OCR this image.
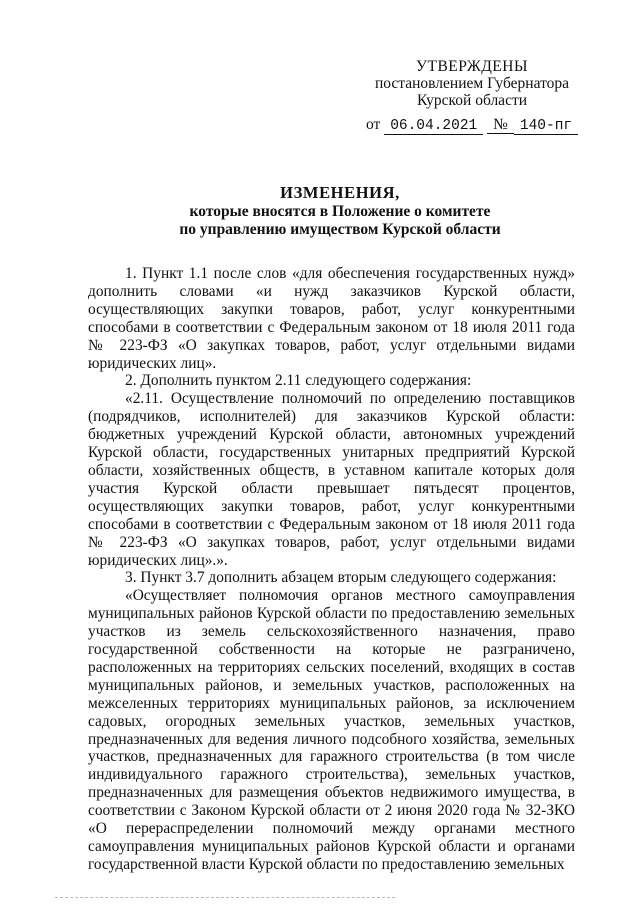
УТВЕРЖДЕНЫ
постановлением Губернатора
Курской области
от 06.04.2021 № 140-пг
ИЗМЕНЕНИЯ,
которые вносятся в Положение о комитете
по управлению имуществом Курской области

1. Пункт 1.1 после слов «для обеспечения государственных нужд» дополнить словами «и нужд заказчиков Курской области, осуществляющих закупки товаров, работ, услуг конкурентными способами в соответствии с Федеральным законом от 18 июля 2011 года № 223-ФЗ «О закупках товаров, работ, услуг отдельными видами юридических лиц».

2. Дополнить пунктом 2.11 следующего содержания:

«2.11. Осуществление полномочий по определению поставщиков (подрядчиков, исполнителей) для заказчиков Курской области: бюджетных учреждений Курской области, автономных учреждений Курской области, государственных унитарных предприятий Курской области, хозяйственных обществ, в уставном капитале которых доля участия Курской области превышает пятьдесят процентов, осуществляющих закупки товаров, работ, услуг конкурентными способами в соответствии с Федеральным законом от 18 июля 2011 года № 223-ФЗ «О закупках товаров, работ, услуг отдельными видами юридических лиц».».

3. Пункт 3.7 дополнить абзацем вторым следующего содержания:

«Осуществляет полномочия органов местного самоуправления муниципальных районов Курской области по предоставлению земельных участков из земель сельскохозяйственного назначения, право государственной собственности на которые не разграничено, расположенных на территориях сельских поселений, входящих в состав муниципальных районов, и земельных участков, расположенных на межселенных территориях муниципальных районов, за исключением садовых, огородных земельных участков, земельных участков, предназначенных для ведения личного подсобного хозяйства, земельных участков, предназначенных для гаражного строительства (в том числе индивидуального гаражного строительства), земельных участков, предназначенных для размещения объектов недвижимого имущества, в соответствии с Законом Курской области от 2 июня 2020 года № 32-ЗКО «О перераспределении полномочий между органами местного самоуправления муниципальных районов Курской области и органами государственной власти Курской области по предоставлению земельных
